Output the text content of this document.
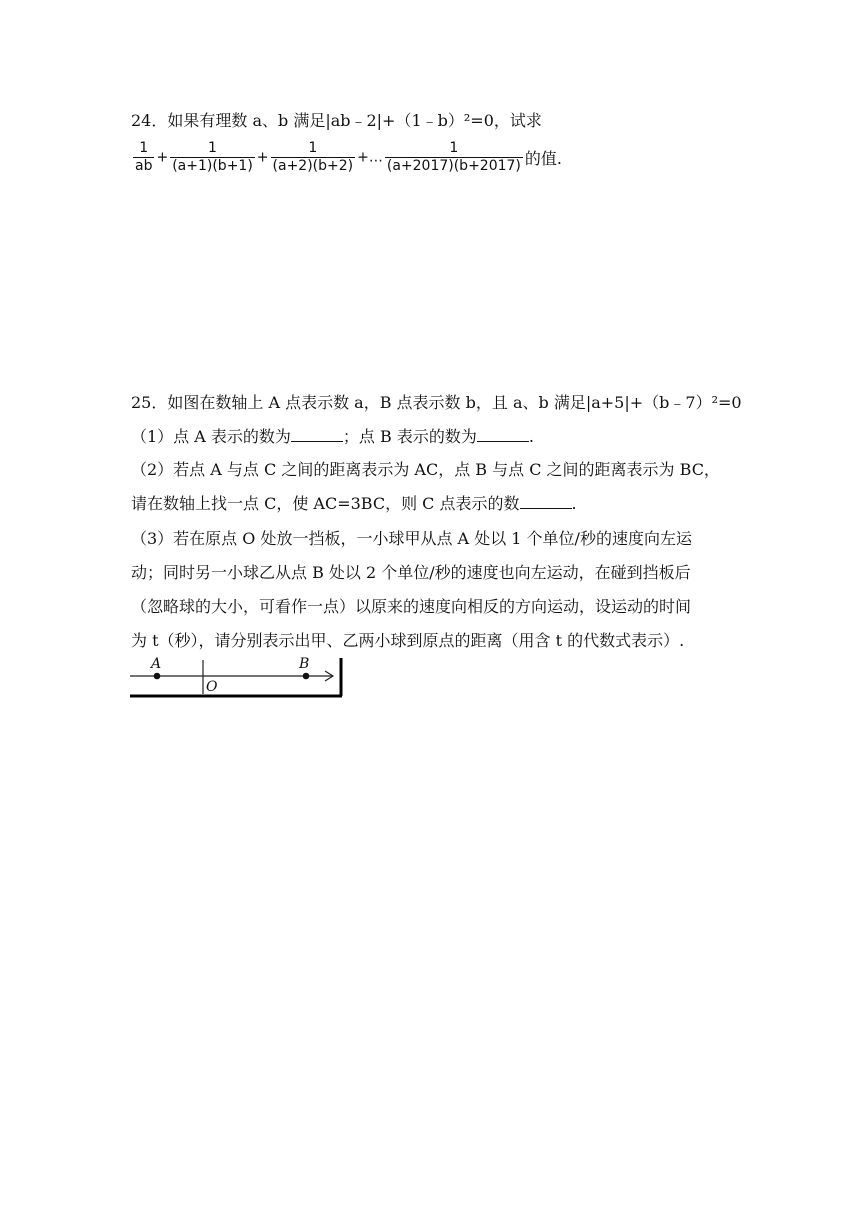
24．如果有理数 a、b 满足|ab﹣2|+（1﹣b）²=0，试求
$\frac{1}{ab} + \frac{1}{(a+1)(b+1)} + \frac{1}{(a+2)(b+2)}$ +… $\frac{1}{(a+2017)(b+2017)}$ 的值.
25．如图在数轴上 A 点表示数 a，B 点表示数 b，且 a、b 满足|a+5|+（b﹣7）²=0
（1）点 A 表示的数为	；点 B 表示的数为	.
（2）若点 A 与点 C 之间的距离表示为 AC，点 B 与点 C 之间的距离表示为 BC，
请在数轴上找一点 C，使 AC=3BC，则 C 点表示的数	.
（3）若在原点 O 处放一挡板，一小球甲从点 A 处以 1 个单位/秒的速度向左运
动；同时另一小球乙从点 B 处以 2 个单位/秒的速度也向左运动，在碰到挡板后
（忽略球的大小，可看作一点）以原来的速度向相反的方向运动，设运动的时间
为 t（秒），请分别表示出甲、乙两小球到原点的距离（用含 t 的代数式表示）.
A	B
O
